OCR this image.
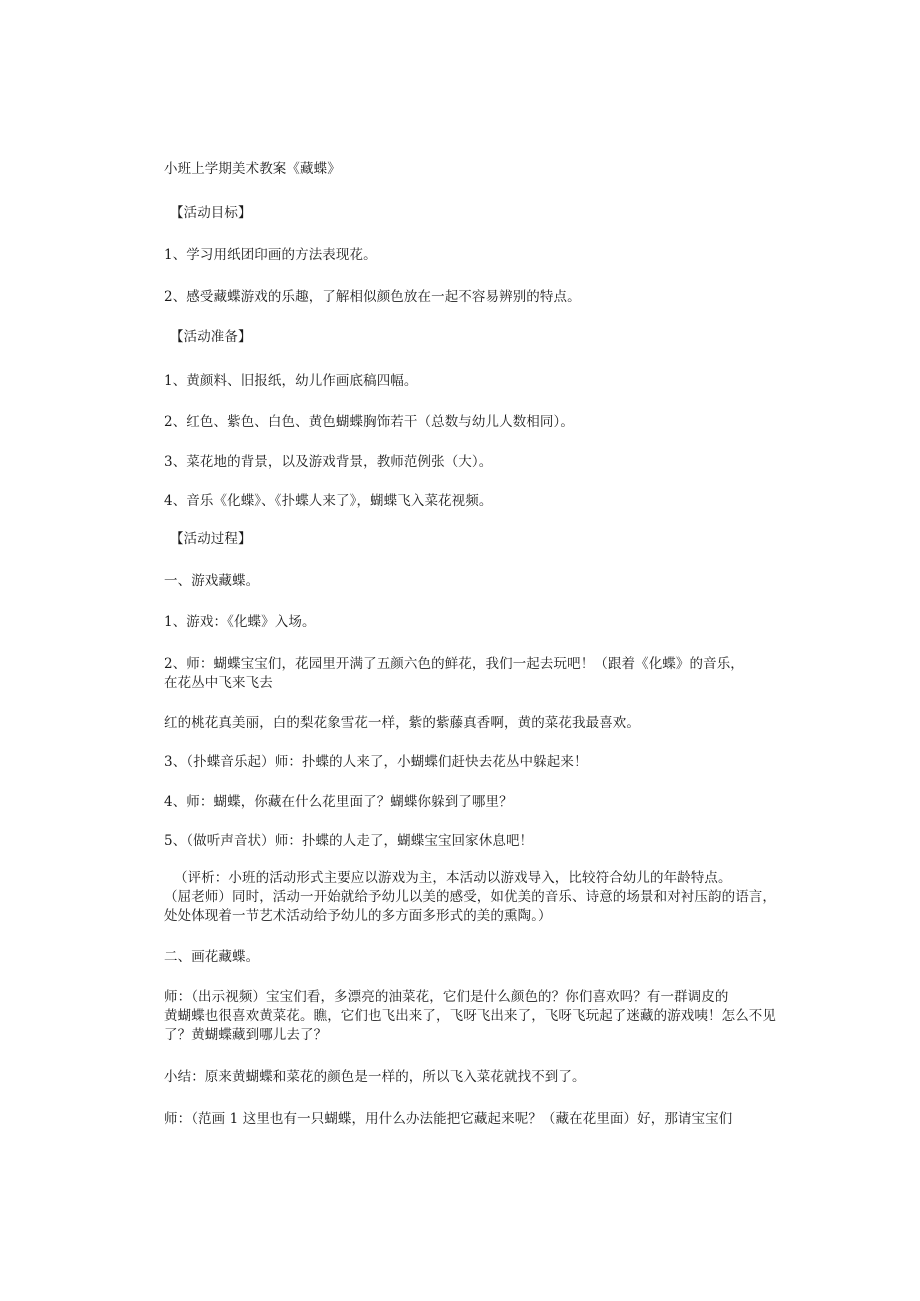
小班上学期美术教案《藏蝶》
【活动目标】
1、学习用纸团印画的方法表现花。
2、感受藏蝶游戏的乐趣，了解相似颜色放在一起不容易辨别的特点。
【活动准备】
1、黄颜料、旧报纸，幼儿作画底稿四幅。
2、红色、紫色、白色、黄色蝴蝶胸饰若干（总数与幼儿人数相同）。
3、菜花地的背景，以及游戏背景，教师范例张（大）。
4、音乐《化蝶》、《扑蝶人来了》，蝴蝶飞入菜花视频。
【活动过程】
一、游戏藏蝶。
1、游戏：《化蝶》入场。
2、师：蝴蝶宝宝们，花园里开满了五颜六色的鲜花，我们一起去玩吧！（跟着《化蝶》的音乐，
在花丛中飞来飞去
红的桃花真美丽，白的梨花象雪花一样，紫的紫藤真香啊，黄的菜花我最喜欢。
3、（扑蝶音乐起）师：扑蝶的人来了，小蝴蝶们赶快去花丛中躲起来！
4、师：蝴蝶，你藏在什么花里面了？蝴蝶你躲到了哪里？
5、（做听声音状）师：扑蝶的人走了，蝴蝶宝宝回家休息吧！
（评析：小班的活动形式主要应以游戏为主，本活动以游戏导入，比较符合幼儿的年龄特点。
（屈老师）同时，活动一开始就给予幼儿以美的感受，如优美的音乐、诗意的场景和对衬压韵的语言，
处处体现着一节艺术活动给予幼儿的多方面多形式的美的熏陶。）
二、画花藏蝶。
师：（出示视频）宝宝们看，多漂亮的油菜花，它们是什么颜色的？你们喜欢吗？有一群调皮的
黄蝴蝶也很喜欢黄菜花。瞧，它们也飞出来了，飞呀飞出来了，飞呀飞玩起了迷藏的游戏咦！怎么不见
了？黄蝴蝶藏到哪儿去了？
小结：原来黄蝴蝶和菜花的颜色是一样的，所以飞入菜花就找不到了。
师：（范画 1 这里也有一只蝴蝶，用什么办法能把它藏起来呢？（藏在花里面）好，那请宝宝们
